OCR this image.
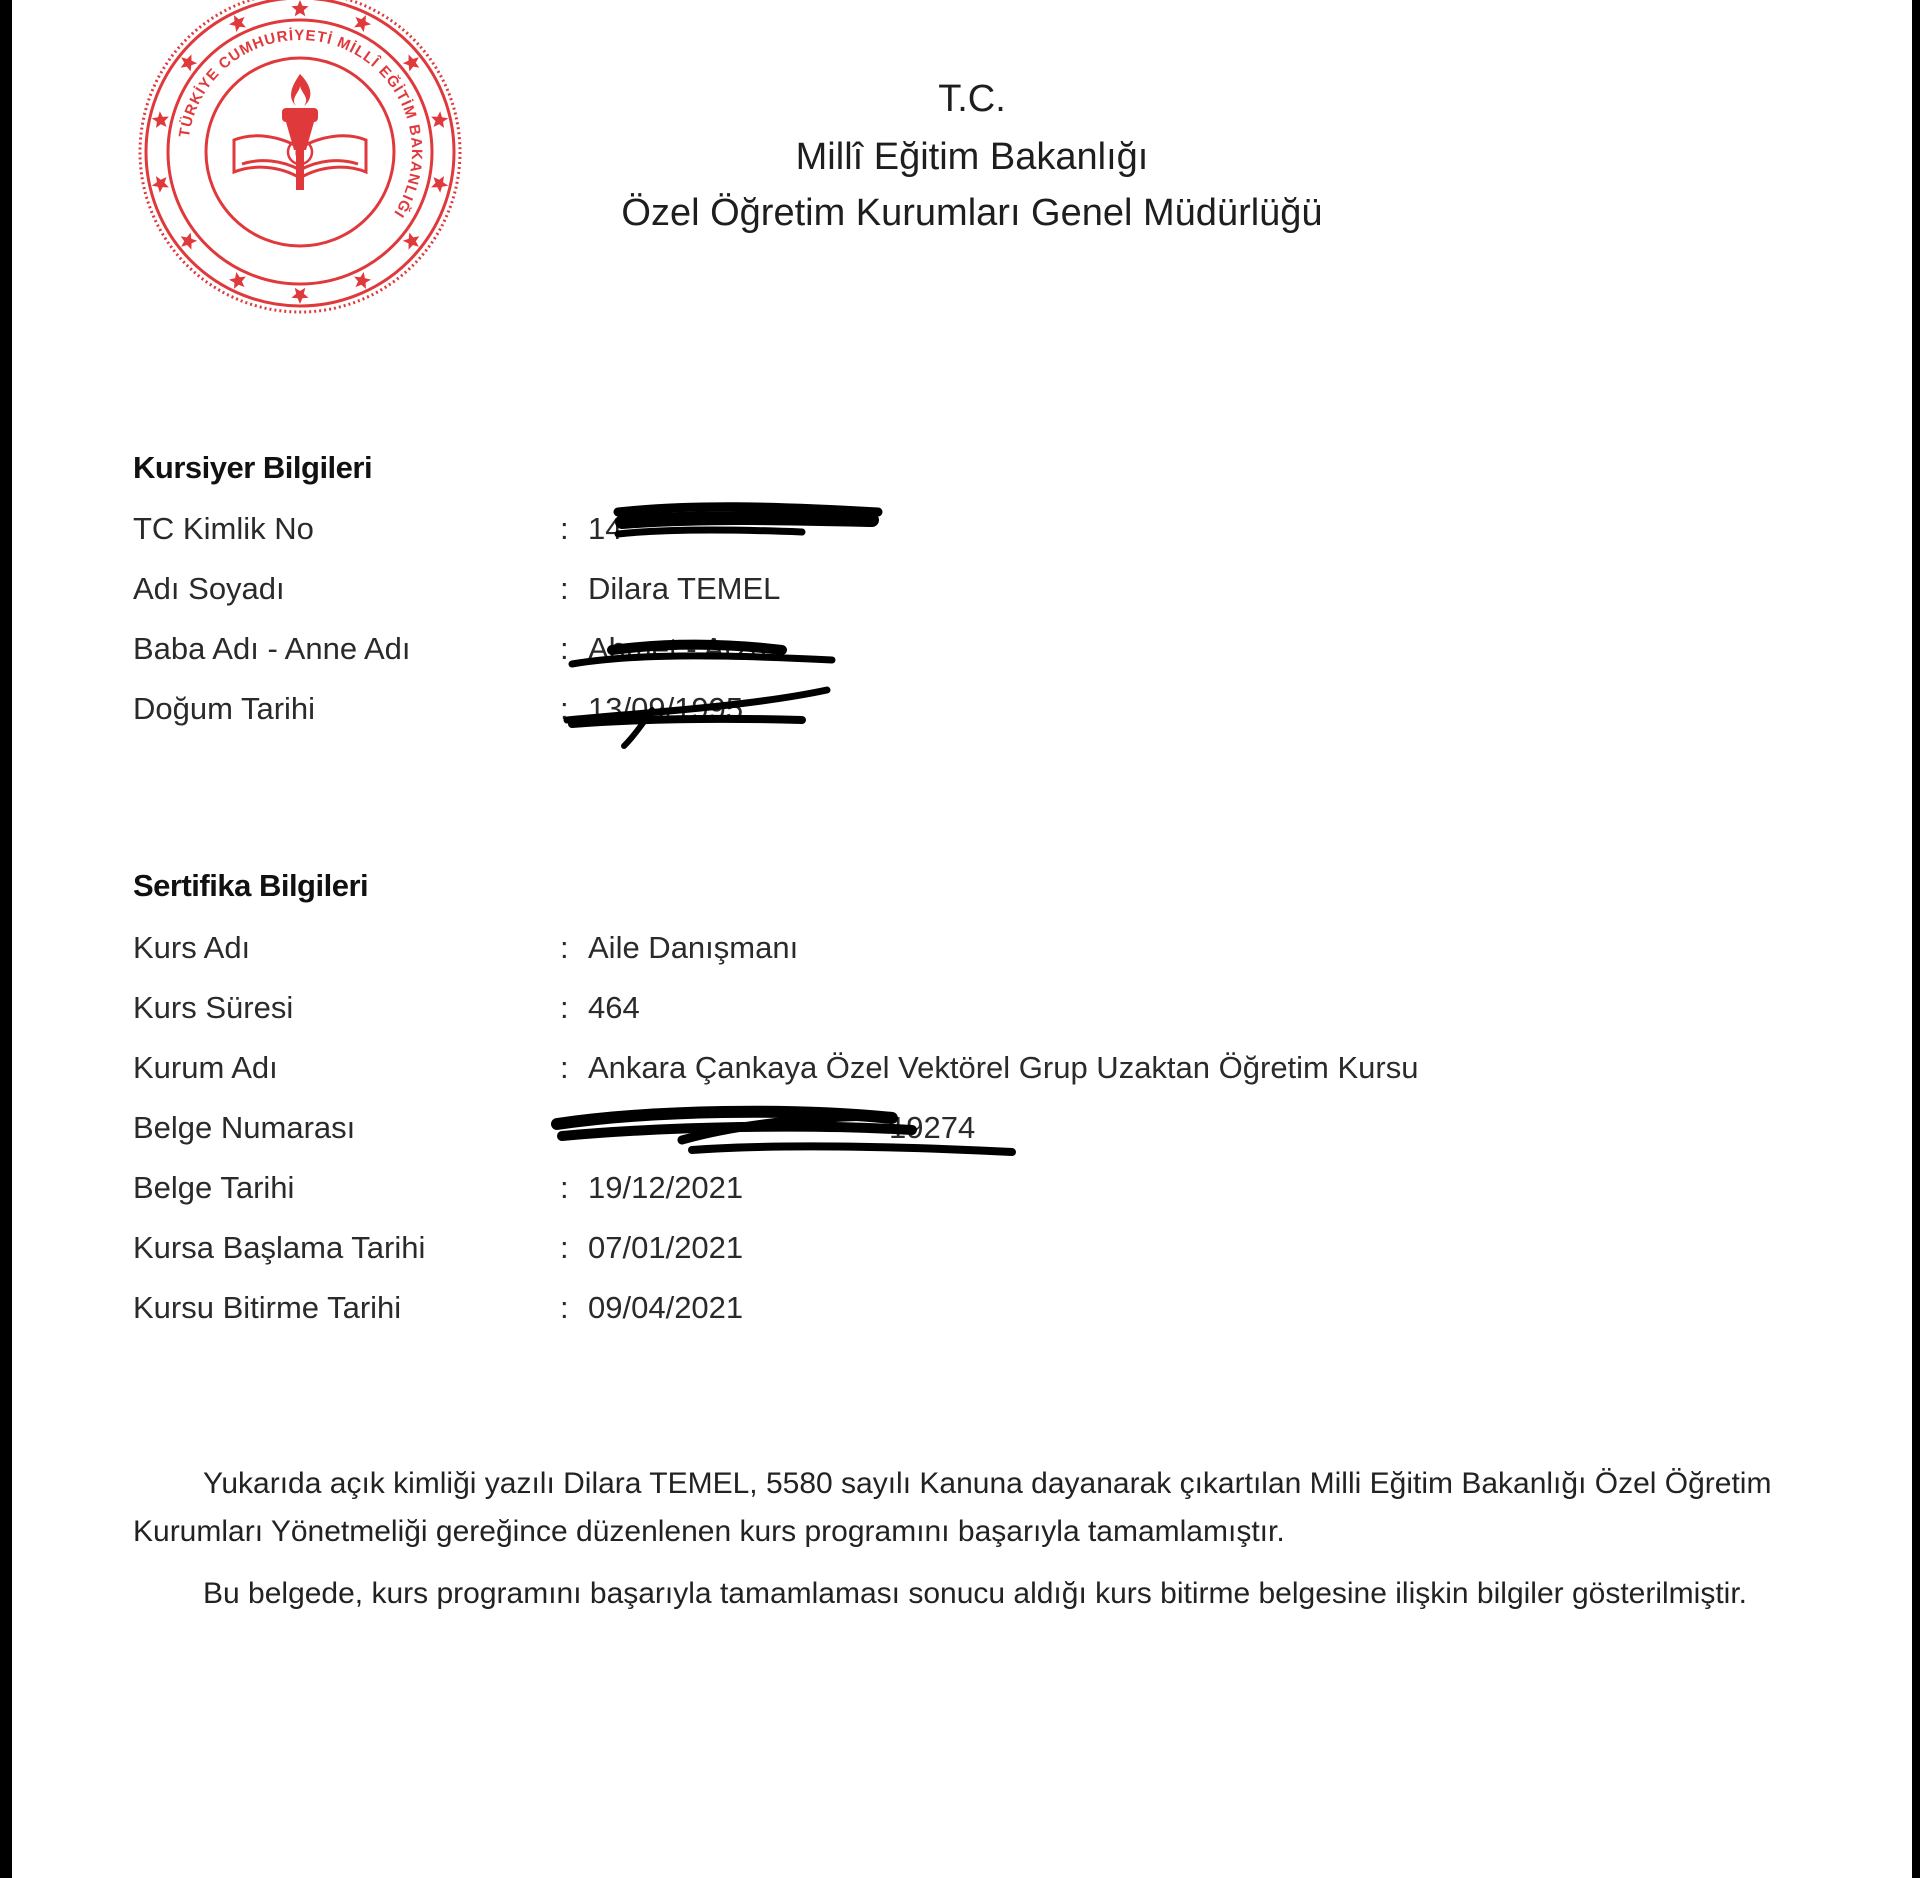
TÜRKİYE CUMHURİYETİ MİLLÎ EĞİTİM BAKANLIĞI
☾
T.C.
Millî Eğitim Bakanlığı
Özel Öğretim Kurumları Genel Müdürlüğü
Kursiyer Bilgileri
TC Kimlik No	: 14
Adı Soyadı	: Dilara TEMEL
Baba Adı - Anne Adı	: Ahmet - Arzu
Doğum Tarihi	: 13/09/1995
Sertifika Bilgileri
Kurs Adı	: Aile Danışmanı
Kurs Süresi	: 464
Kurum Adı	: Ankara Çankaya Özel Vektörel Grup Uzaktan Öğretim Kursu
Belge Numarası	:	19274
Belge Tarihi	: 19/12/2021
Kursa Başlama Tarihi	: 07/01/2021
Kursu Bitirme Tarihi	: 09/04/2021
Yukarıda açık kimliği yazılı Dilara TEMEL, 5580 sayılı Kanuna dayanarak çıkartılan Milli Eğitim Bakanlığı Özel Öğretim Kurumları Yönetmeliği gereğince düzenlenen kurs programını başarıyla tamamlamıştır.
Bu belgede, kurs programını başarıyla tamamlaması sonucu aldığı kurs bitirme belgesine ilişkin bilgiler gösterilmiştir.
